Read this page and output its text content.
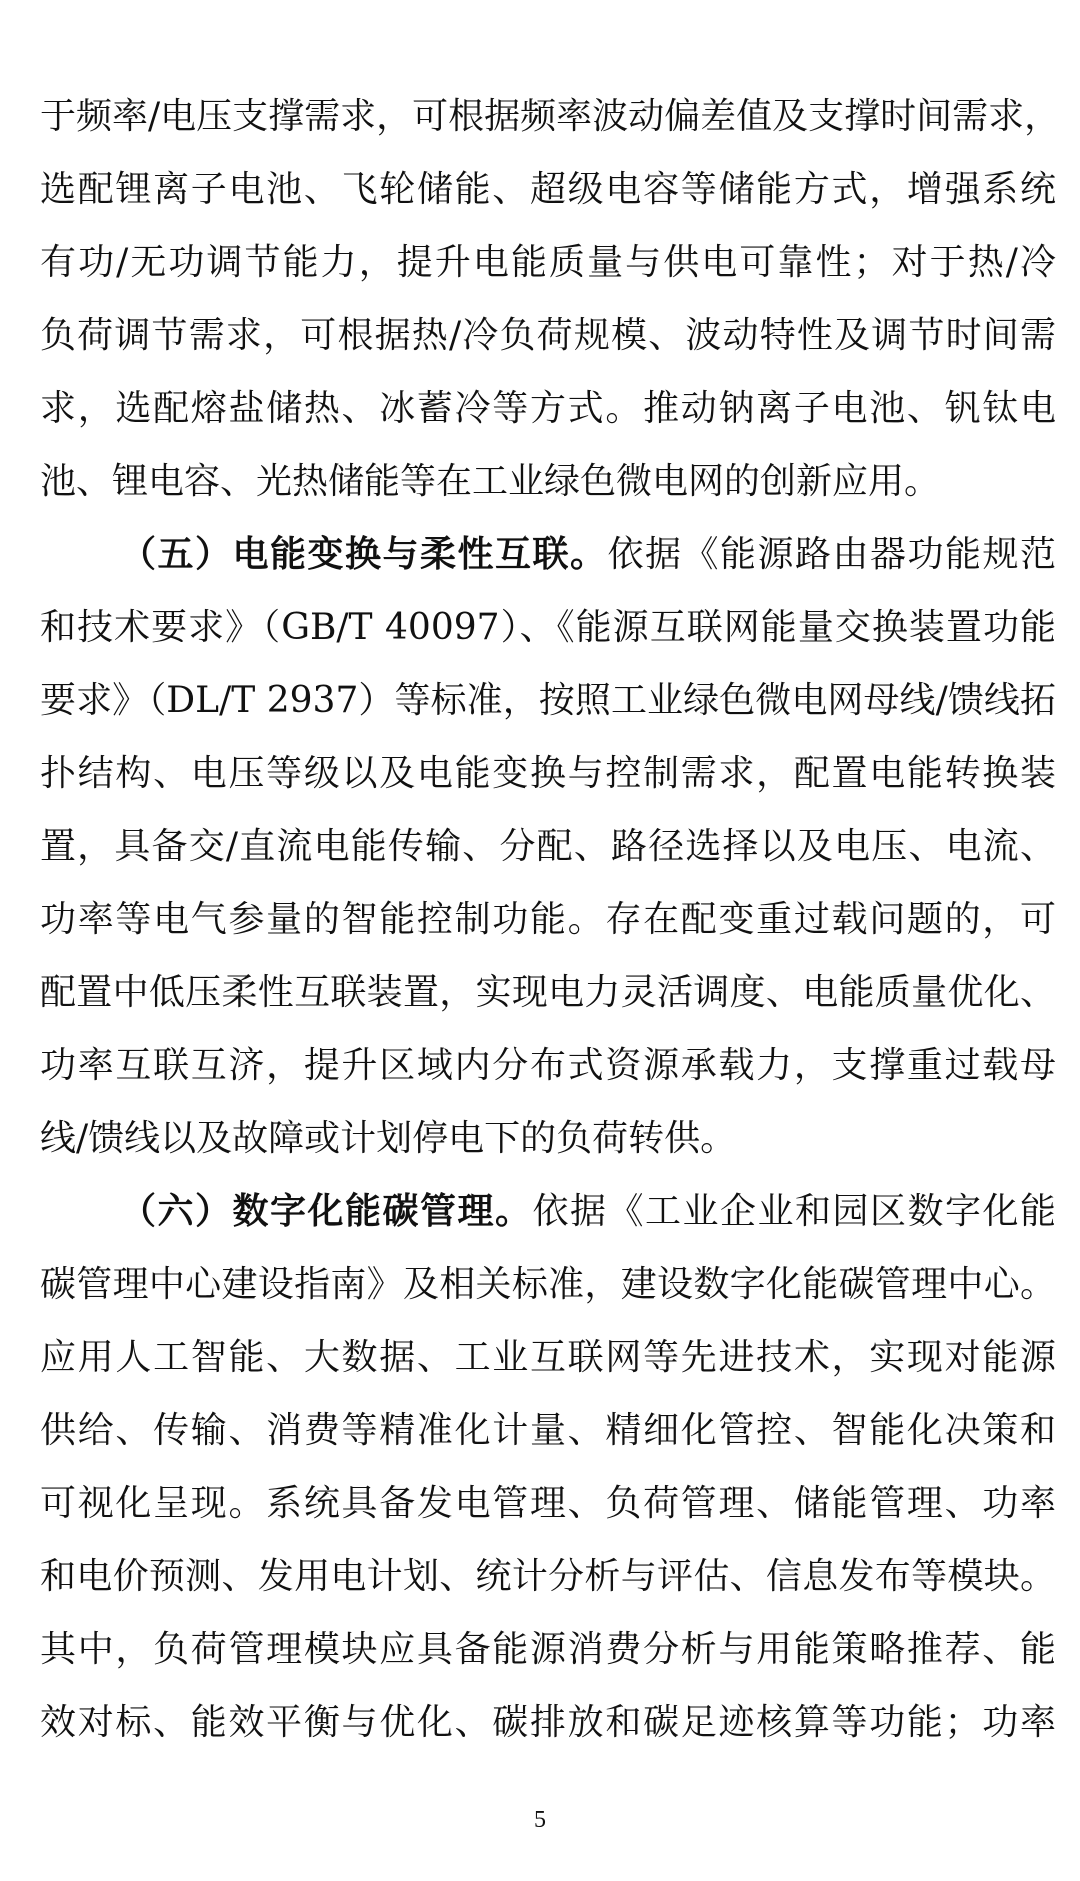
于频率/电压支撑需求，可根据频率波动偏差值及支撑时间需求，
选配锂离子电池、飞轮储能、超级电容等储能方式，增强系统
有功/无功调节能力，提升电能质量与供电可靠性；对于热/冷
负荷调节需求，可根据热/冷负荷规模、波动特性及调节时间需
求，选配熔盐储热、冰蓄冷等方式。推动钠离子电池、钒钛电
池、锂电容、光热储能等在工业绿色微电网的创新应用。
（五）电能变换与柔性互联。依据《能源路由器功能规范
和技术要求》（GB/T 40097）、《能源互联网能量交换装置功能
要求》（DL/T 2937）等标准，按照工业绿色微电网母线/馈线拓
扑结构、电压等级以及电能变换与控制需求，配置电能转换装
置，具备交/直流电能传输、分配、路径选择以及电压、电流、
功率等电气参量的智能控制功能。存在配变重过载问题的，可
配置中低压柔性互联装置，实现电力灵活调度、电能质量优化、
功率互联互济，提升区域内分布式资源承载力，支撑重过载母
线/馈线以及故障或计划停电下的负荷转供。
（六）数字化能碳管理。依据《工业企业和园区数字化能
碳管理中心建设指南》及相关标准，建设数字化能碳管理中心。
应用人工智能、大数据、工业互联网等先进技术，实现对能源
供给、传输、消费等精准化计量、精细化管控、智能化决策和
可视化呈现。系统具备发电管理、负荷管理、储能管理、功率
和电价预测、发用电计划、统计分析与评估、信息发布等模块。
其中，负荷管理模块应具备能源消费分析与用能策略推荐、能
效对标、能效平衡与优化、碳排放和碳足迹核算等功能；功率
5
